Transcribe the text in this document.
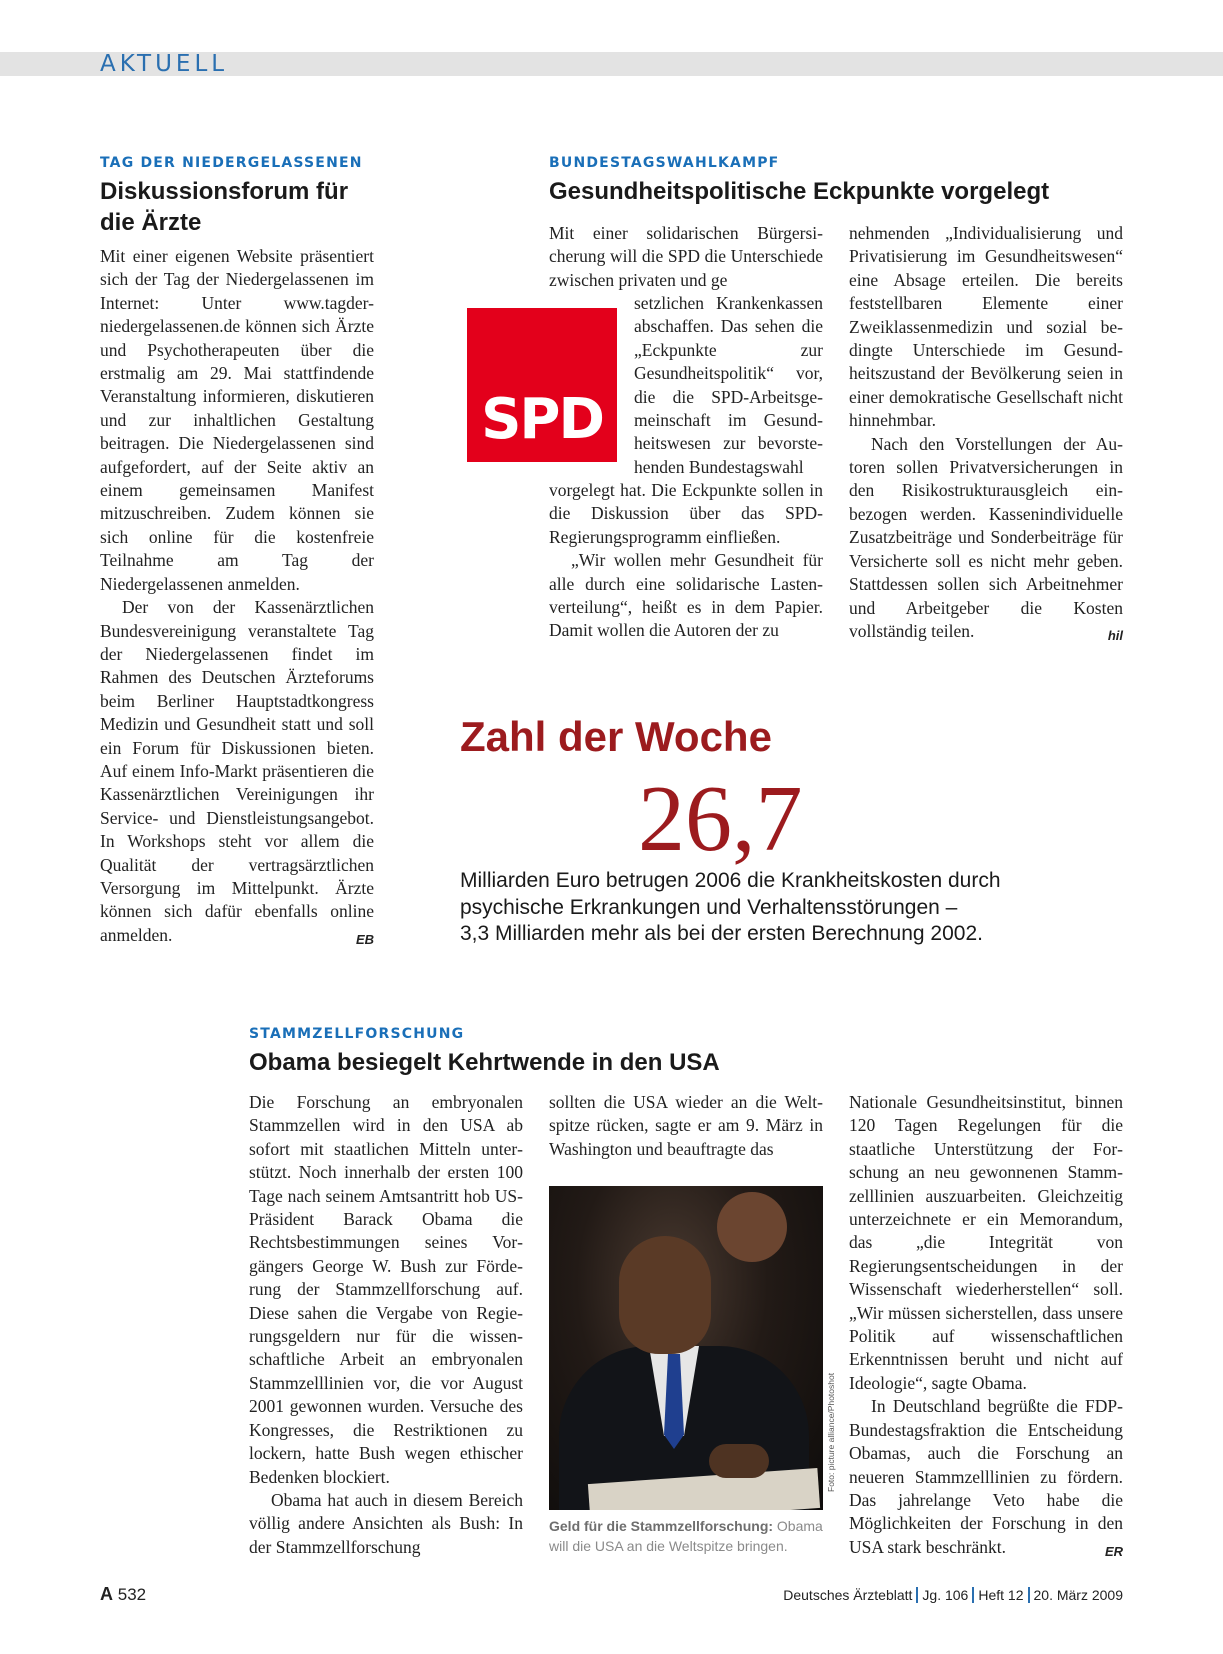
AKTUELL
TAG DER NIEDERGELASSENEN
Diskussionsforum für
die Ärzte

Mit einer eigenen Website präsentiert sich der Tag der Niedergelassenen im Internet: Unter www.tagder-niedergelassenen.de können sich Ärzte und Psychotherapeuten über die erstmalig am 29. Mai stattfindende Veranstaltung informieren, diskutieren und zur inhaltlichen Gestaltung beitragen. Die Niedergelassenen sind aufgefordert, auf der Seite aktiv an einem gemeinsamen Manifest mitzuschreiben. Zudem können sie sich online für die kostenfreie Teilnahme am Tag der Niedergelassenen anmelden.

Der von der Kassenärztlichen Bundesvereinigung veranstaltete Tag der Niedergelassenen findet im Rahmen des Deutschen Ärzteforums beim Berliner Hauptstadtkongress Medizin und Gesundheit statt und soll ein Forum für Diskussionen bieten. Auf einem Info-Markt präsentieren die Kassenärztlichen Vereinigungen ihr Service- und Dienstleistungsangebot. In Workshops steht vor allem die Qualität der vertragsärztlichen Versorgung im Mittelpunkt. Ärzte können sich dafür ebenfalls online anmelden.	EB

BUNDESTAGSWAHLKAMPF
Gesundheitspolitische Eckpunkte vorgelegt
SPD
Mit einer solidarischen Bürgersicherung will die SPD die Unterschiede zwischen privaten und ge
setzlichen Krankenkassen abschaffen. Das sehen die „Eckpunkte zur Gesundheitspolitik“ vor, die die SPD-Arbeitsgemeinschaft im Gesundheitswesen zur bevorstehenden Bundestagswahl

vorgelegt hat. Die Eckpunkte sollen in die Diskussion über das SPD-Regierungsprogramm einfließen.

„Wir wollen mehr Gesundheit für alle durch eine solidarische Lastenverteilung“, heißt es in dem Papier. Damit wollen die Autoren der zu

nehmenden „Individualisierung und Privatisierung im Gesundheitswesen“ eine Absage erteilen. Die bereits feststellbaren Elemente einer Zweiklassenmedizin und sozial bedingte Unterschiede im Gesundheitszustand der Bevölkerung seien in einer demokratische Gesellschaft nicht hinnehmbar.

Nach den Vorstellungen der Autoren sollen Privatversicherungen in den Risikostrukturausgleich einbezogen werden. Kassenindividuelle Zusatzbeiträge und Sonderbeiträge für Versicherte soll es nicht mehr geben. Stattdessen sollen sich Arbeitnehmer und Arbeitgeber die Kosten vollständig teilen.	hil

Zahl der Woche
26,7
Milliarden Euro betrugen 2006 die Krankheitskosten durch
psychische Erkrankungen und Verhaltensstörungen –
3,3 Milliarden mehr als bei der ersten Berechnung 2002.
STAMMZELLFORSCHUNG
Obama besiegelt Kehrtwende in den USA

Die Forschung an embryonalen Stammzellen wird in den USA ab sofort mit staatlichen Mitteln unterstützt. Noch innerhalb der ersten 100 Tage nach seinem Amtsantritt hob US-Präsident Barack Obama die Rechtsbestimmungen seines Vorgängers George W. Bush zur Förderung der Stammzellforschung auf. Diese sahen die Vergabe von Regierungsgeldern nur für die wissenschaftliche Arbeit an embryonalen Stammzelllinien vor, die vor August 2001 gewonnen wurden. Versuche des Kongresses, die Restriktionen zu lockern, hatte Bush wegen ethischer Bedenken blockiert.

Obama hat auch in diesem Bereich völlig andere Ansichten als Bush: In der Stammzellforschung

sollten die USA wieder an die Weltspitze rücken, sagte er am 9. März in Washington und beauftragte das
Foto: picture alliance/Photoshot
Geld für die Stammzellforschung: Obama will die USA an die Weltspitze bringen.

Nationale Gesundheitsinstitut, binnen 120 Tagen Regelungen für die staatliche Unterstützung der Forschung an neu gewonnenen Stammzelllinien auszuarbeiten. Gleichzeitig unterzeichnete er ein Memorandum, das „die Integrität von Regierungsentscheidungen in der Wissenschaft wiederherstellen“ soll. „Wir müssen sicherstellen, dass unsere Politik auf wissenschaftlichen Erkenntnissen beruht und nicht auf Ideologie“, sagte Obama.

In Deutschland begrüßte die FDP-Bundestagsfraktion die Entscheidung Obamas, auch die Forschung an neueren Stammzelllinien zu fördern. Das jahrelange Veto habe die Möglichkeiten der Forschung in den USA stark beschränkt.	ER

A 532	Deutsches Ärzteblatt Jg. 106 Heft 12 20. März 2009
